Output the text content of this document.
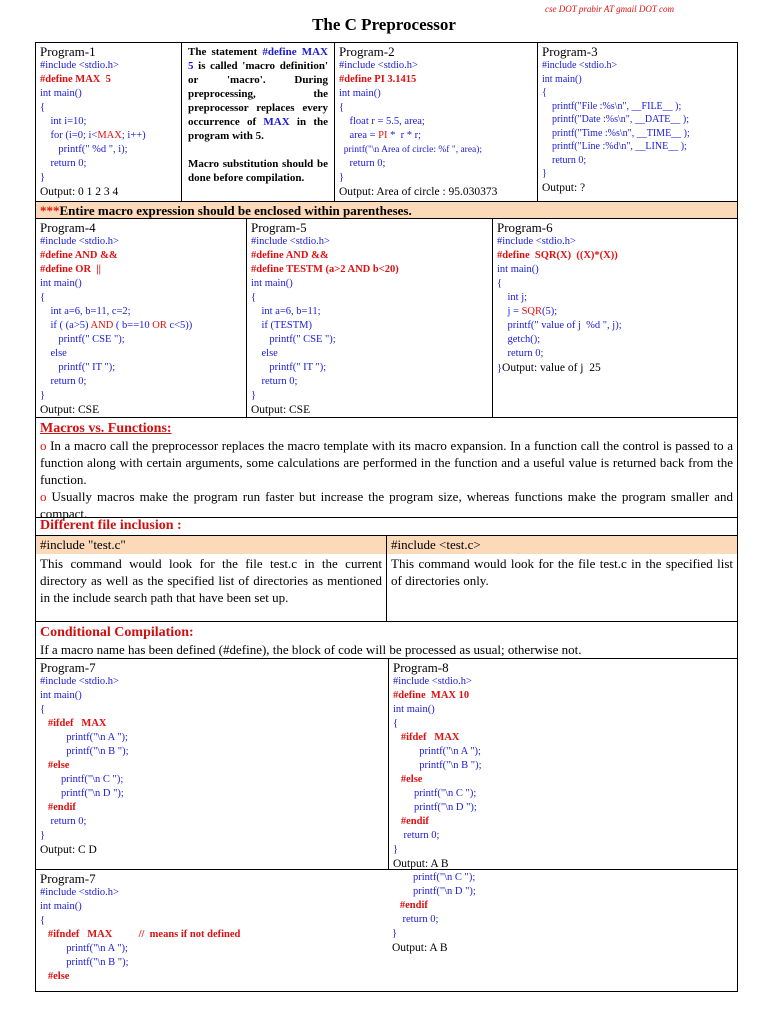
cse DOT prabir AT gmail DOT com
The C Preprocessor
Program-1
#include <stdio.h>
#define MAX  5
int main()
{
int i=10;
for (i=0; i<MAX; i++)
printf(" %d ", i);
return 0;
}
Output: 0 1 2 3 4
The statement #define MAX 5 is called 'macro definition' or 'macro'. During preprocessing, the preprocessor replaces every occurrence of MAX in the program with 5.
Macro substitution should be done before compilation.
Program-2
#include <stdio.h>
#define PI 3.1415
int main()
{
float r = 5.5, area;
area = PI *  r * r;
printf("\n Area of circle: %f ", area);
return 0;
}
Output: Area of circle : 95.030373
Program-3
#include <stdio.h>
int main()
{
printf("File :%s\n", __FILE__ );
printf("Date :%s\n", __DATE__ );
printf("Time :%s\n", __TIME__ );
printf("Line :%d\n", __LINE__ );
return 0;
}
Output: ?
*** Entire macro expression should be enclosed within parentheses.
Program-4
#include <stdio.h>
#define AND &&
#define OR  ||
int main()
{
int a=6, b=11, c=2;
if ( (a>5) AND ( b==10 OR c<5))
printf(" CSE ");
else
printf(" IT ");
return 0;
}
Output: CSE
Program-5
#include <stdio.h>
#define AND &&
#define TESTM (a>2 AND b<20)
int main()
{
int a=6, b=11;
if (TESTM)
printf(" CSE ");
else
printf(" IT ");
return 0;
}
Output: CSE
Program-6
#include <stdio.h>
#define  SQR(X)  ((X)*(X))
int main()
{
int j;
j = SQR(5);
printf(" value of j  %d ", j);
getch();
return 0;
}Output: value of j  25
Macros vs. Functions:
o In a macro call the preprocessor replaces the macro template with its macro expansion. In a function call the control is passed to a function along with certain arguments, some calculations are performed in the function and a useful value is returned back from the function.
o Usually macros make the program run faster but increase the program size, whereas functions make the program smaller and compact.
Different file inclusion :
#include "test.c"
This command would look for the file test.c in the current directory as well as the specified list of directories as mentioned in the include search path that have been set up.
#include <test.c>
This command would look for the file test.c in the specified list of directories only.
Conditional Compilation:
If a macro name has been defined (#define), the block of code will be processed as usual; otherwise not.
Program-7
#include <stdio.h>
int main()
{
#ifdef   MAX
printf("\n A ");
printf("\n B ");
#else
printf("\n C ");
printf("\n D ");
#endif
return 0;
}
Output: C D
Program-8
#include <stdio.h>
#define  MAX 10
int main()
{
#ifdef   MAX
printf("\n A ");
printf("\n B ");
#else
printf("\n C ");
printf("\n D ");
#endif
return 0;
}
Output: A B
Program-7
#include <stdio.h>
int main()
{
#ifndef   MAX          //  means if not defined
printf("\n A ");
printf("\n B ");
#else
printf("\n C ");
printf("\n D ");
#endif
return 0;
}
Output: A B
